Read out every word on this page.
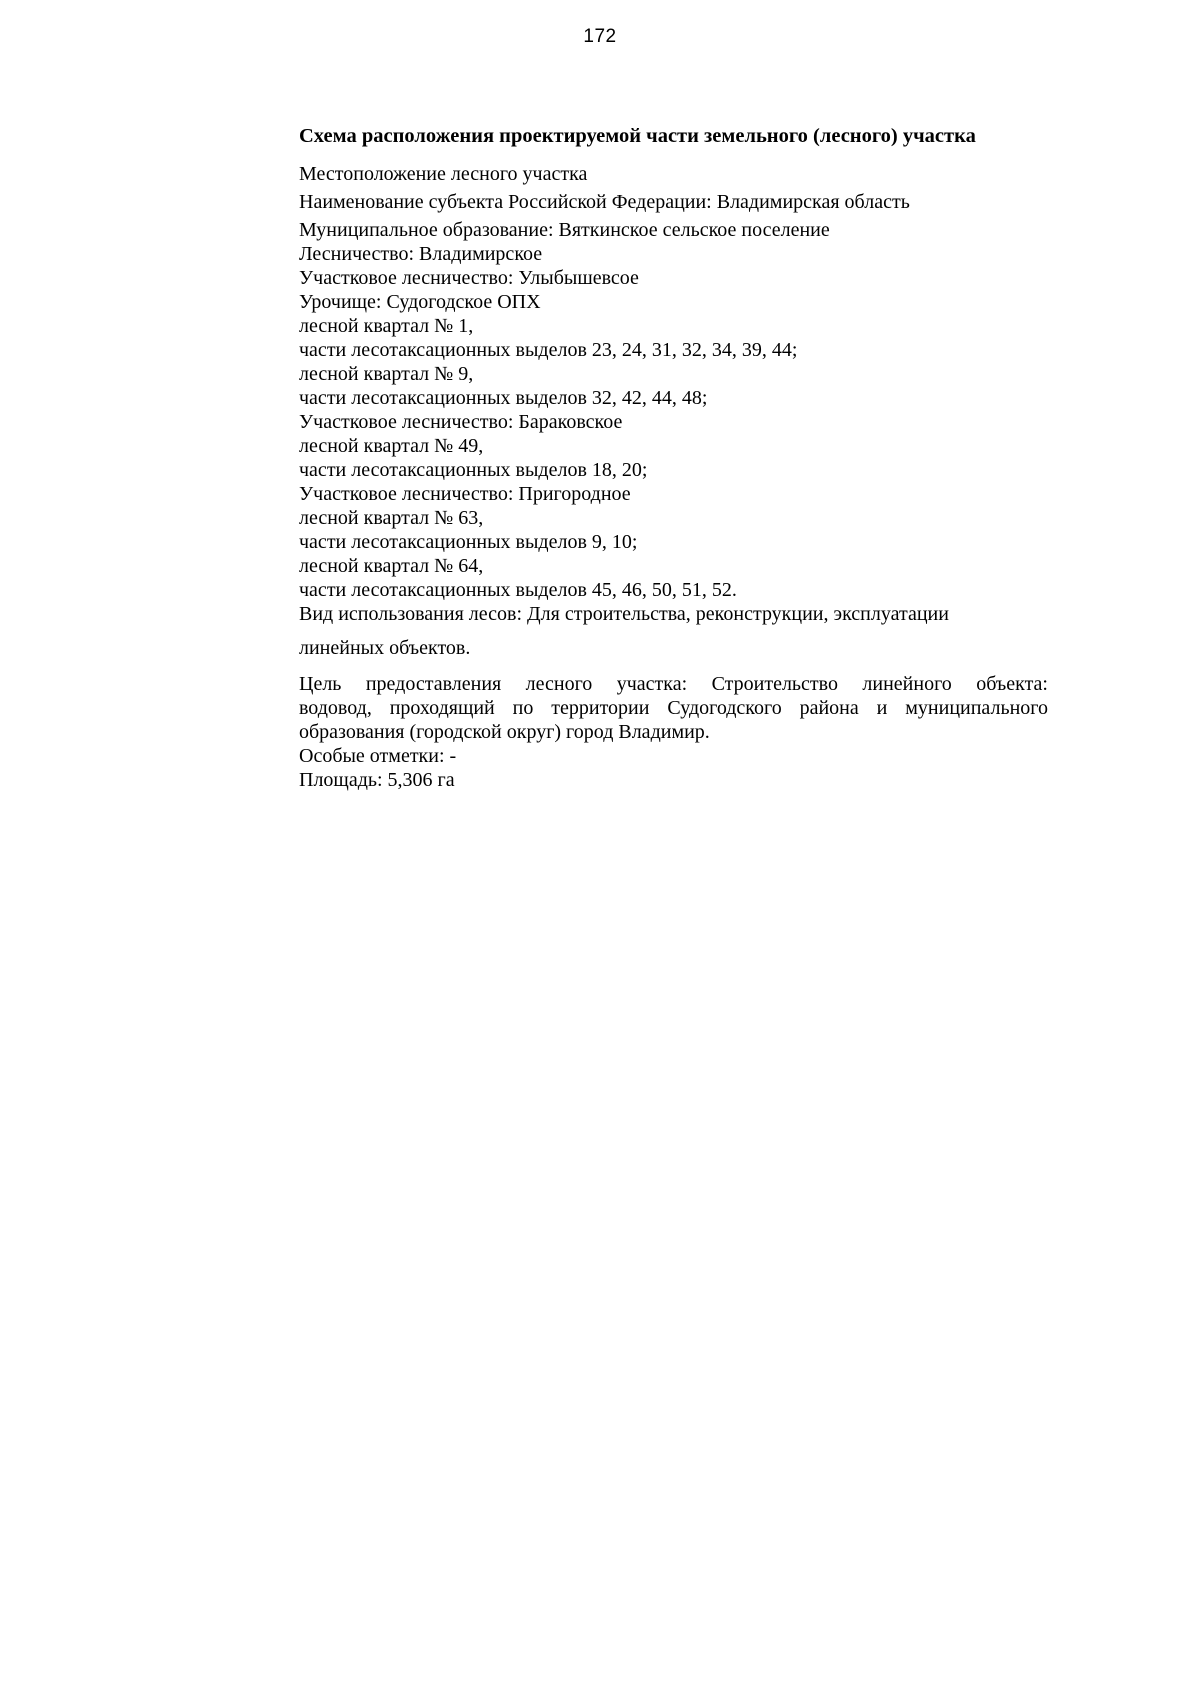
172
Схема расположения проектируемой части земельного (лесного) участка
Местоположение лесного участка
Наименование субъекта Российской Федерации: Владимирская область
Муниципальное образование: Вяткинское сельское поселение
Лесничество: Владимирское
Участковое лесничество: Улыбышевсое
Урочище: Судогодское ОПХ
лесной квартал № 1,
части лесотаксационных выделов 23, 24, 31, 32, 34, 39, 44;
лесной квартал № 9,
части лесотаксационных выделов 32, 42, 44, 48;
Участковое лесничество: Бараковское
лесной квартал № 49,
части лесотаксационных выделов 18, 20;
Участковое лесничество: Пригородное
лесной квартал № 63,
части лесотаксационных выделов 9, 10;
лесной квартал № 64,
части лесотаксационных выделов 45, 46, 50, 51, 52.
Вид использования лесов: Для строительства, реконструкции, эксплуатации
линейных объектов.
Цель предоставления лесного участка: Строительство линейного объекта:
водовод, проходящий по территории Судогодского района и муниципального
образования (городской округ) город Владимир.
Особые отметки: -
Площадь: 5,306 га
